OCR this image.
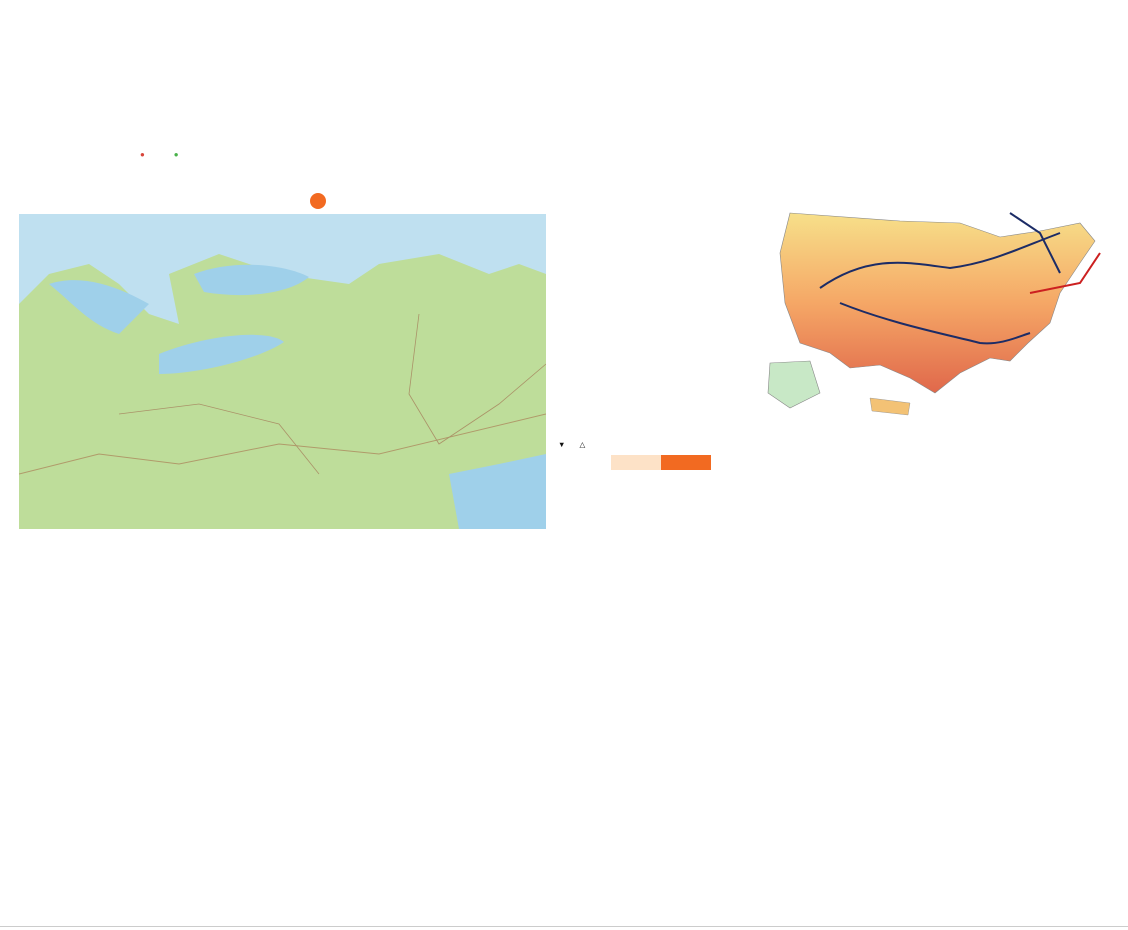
●	●
▼ △
